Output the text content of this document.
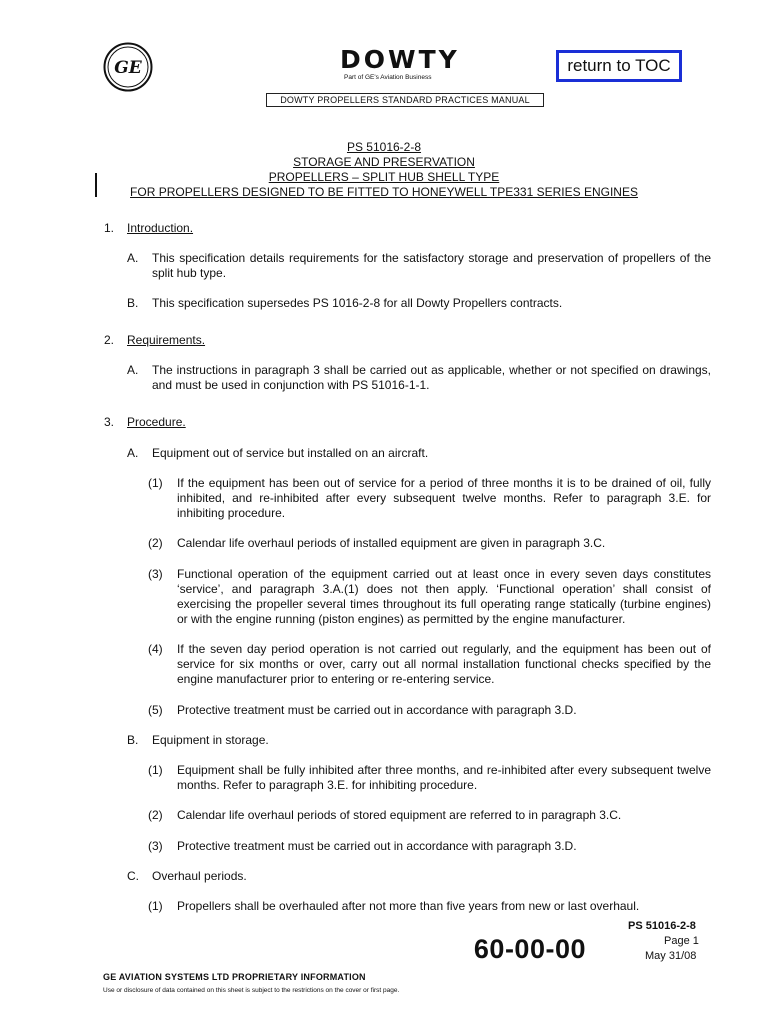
GE	DOWTY
Part of GE's Aviation Business
return to TOC
DOWTY PROPELLERS STANDARD PRACTICES MANUAL
PS 51016-2-8
STORAGE AND PRESERVATION
PROPELLERS – SPLIT HUB SHELL TYPE
FOR PROPELLERS DESIGNED TO BE FITTED TO HONEYWELL TPE331 SERIES ENGINES
1. Introduction.
A. This specification details requirements for the satisfactory storage and preservation of propellers of the split hub type.
B. This specification supersedes PS 1016-2-8 for all Dowty Propellers contracts.
2. Requirements.
A. The instructions in paragraph 3 shall be carried out as applicable, whether or not specified on drawings, and must be used in conjunction with PS 51016-1-1.
3. Procedure.
A. Equipment out of service but installed on an aircraft.
(1) If the equipment has been out of service for a period of three months it is to be drained of oil, fully inhibited, and re-inhibited after every subsequent twelve months. Refer to paragraph 3.E. for inhibiting procedure.
(2) Calendar life overhaul periods of installed equipment are given in paragraph 3.C.
(3) Functional operation of the equipment carried out at least once in every seven days constitutes ‘service’, and paragraph 3.A.(1) does not then apply. ‘Functional operation’ shall consist of exercising the propeller several times throughout its full operating range statically (turbine engines) or with the engine running (piston engines) as permitted by the engine manufacturer.
(4) If the seven day period operation is not carried out regularly, and the equipment has been out of service for six months or over, carry out all normal installation functional checks specified by the engine manufacturer prior to entering or re-entering service.
(5) Protective treatment must be carried out in accordance with paragraph 3.D.
B. Equipment in storage.
(1) Equipment shall be fully inhibited after three months, and re-inhibited after every subsequent twelve months. Refer to paragraph 3.E. for inhibiting procedure.
(2) Calendar life overhaul periods of stored equipment are referred to in paragraph 3.C.
(3) Protective treatment must be carried out in accordance with paragraph 3.D.
C. Overhaul periods.
(1) Propellers shall be overhauled after not more than five years from new or last overhaul.
PS 51016-2-8
60-00-00	Page 1
May 31/08
GE AVIATION SYSTEMS LTD PROPRIETARY INFORMATION
Use or disclosure of data contained on this sheet is subject to the restrictions on the cover or first page.
